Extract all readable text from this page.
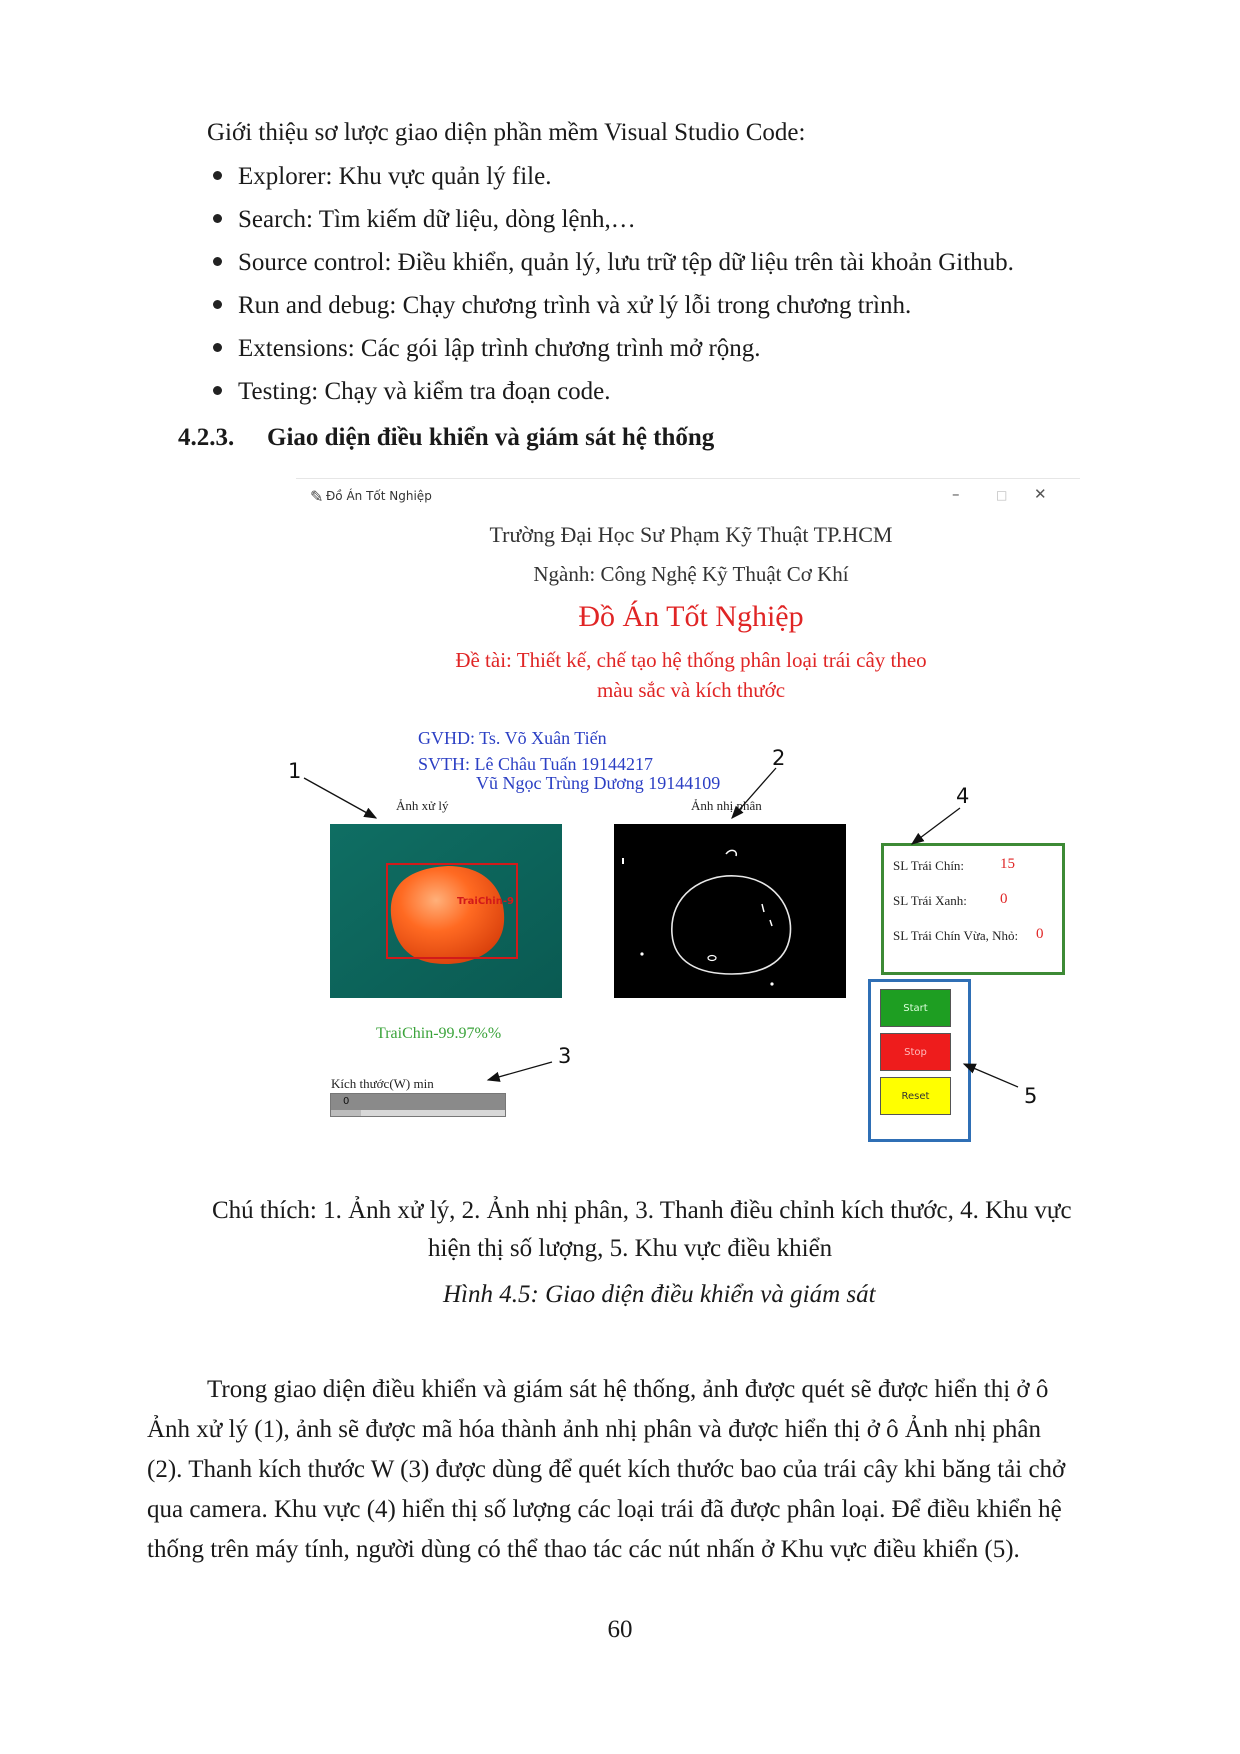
Giới thiệu sơ lược giao diện phần mềm Visual Studio Code:
Explorer: Khu vực quản lý file.
Search: Tìm kiếm dữ liệu, dòng lệnh,…
Source control: Điều khiển, quản lý, lưu trữ tệp dữ liệu trên tài khoản Github.
Run and debug: Chạy chương trình và xử lý lỗi trong chương trình.
Extensions: Các gói lập trình chương trình mở rộng.
Testing: Chạy và kiểm tra đoạn code.
4.2.3. Giao diện điều khiển và giám sát hệ thống
✎ Đồ Án Tốt Nghiệp	–	□ ✕
Trường Đại Học Sư Phạm Kỹ Thuật TP.HCM
Ngành: Công Nghệ Kỹ Thuật Cơ Khí
Đồ Án Tốt Nghiệp
Đề tài: Thiết kế, chế tạo hệ thống phân loại trái cây theo
màu sắc và kích thước
GVHD: Ts. Võ Xuân Tiến
SVTH: Lê Châu Tuấn 19144217
Vũ Ngọc Trùng Dương 19144109
Ảnh xử lý	Ảnh nhị phân
TraiChin-9
TraiChin-99.97%%
SL Trái Chín: 15
SL Trái Xanh: 0
SL Trái Chín Vừa, Nhỏ: 0
Start
Stop
Reset
Kích thước(W) min
0
1
2
3
4
5
Chú thích: 1. Ảnh xử lý, 2. Ảnh nhị phân, 3. Thanh điều chỉnh kích thước, 4. Khu vực
hiện thị số lượng, 5. Khu vực điều khiển
Hình 4.5: Giao diện điều khiển và giám sát
Trong giao diện điều khiển và giám sát hệ thống, ảnh được quét sẽ được hiển thị ở ô
Ảnh xử lý (1), ảnh sẽ được mã hóa thành ảnh nhị phân và được hiển thị ở ô Ảnh nhị phân
(2). Thanh kích thước W (3) được dùng để quét kích thước bao của trái cây khi băng tải chở
qua camera. Khu vực (4) hiển thị số lượng các loại trái đã được phân loại. Để điều khiển hệ
thống trên máy tính, người dùng có thể thao tác các nút nhấn ở Khu vực điều khiển (5).
60
